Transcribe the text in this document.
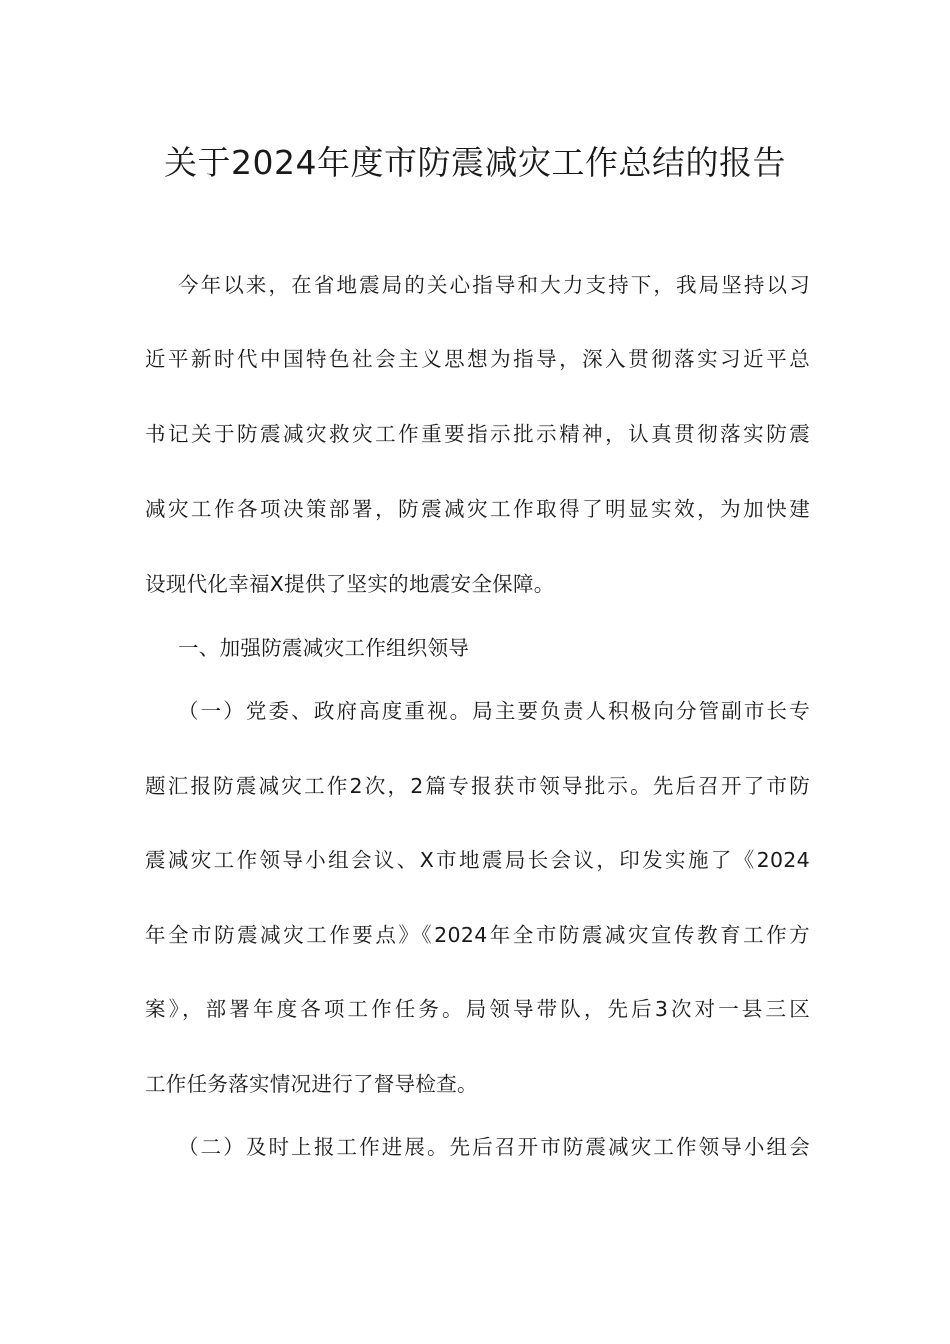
关于2024年度市防震减灾工作总结的报告
今年以来，在省地震局的关心指导和大力支持下，我局坚持以习
近平新时代中国特色社会主义思想为指导，深入贯彻落实习近平总
书记关于防震减灾救灾工作重要指示批示精神，认真贯彻落实防震
减灾工作各项决策部署，防震减灾工作取得了明显实效，为加快建
设现代化幸福X提供了坚实的地震安全保障。
一、加强防震减灾工作组织领导
（一）党委、政府高度重视。局主要负责人积极向分管副市长专
题汇报防震减灾工作2次，2篇专报获市领导批示。先后召开了市防
震减灾工作领导小组会议、X市地震局长会议，印发实施了《2024
年全市防震减灾工作要点》《2024年全市防震减灾宣传教育工作方
案》，部署年度各项工作任务。局领导带队，先后3次对一县三区
工作任务落实情况进行了督导检查。
（二）及时上报工作进展。先后召开市防震减灾工作领导小组会
